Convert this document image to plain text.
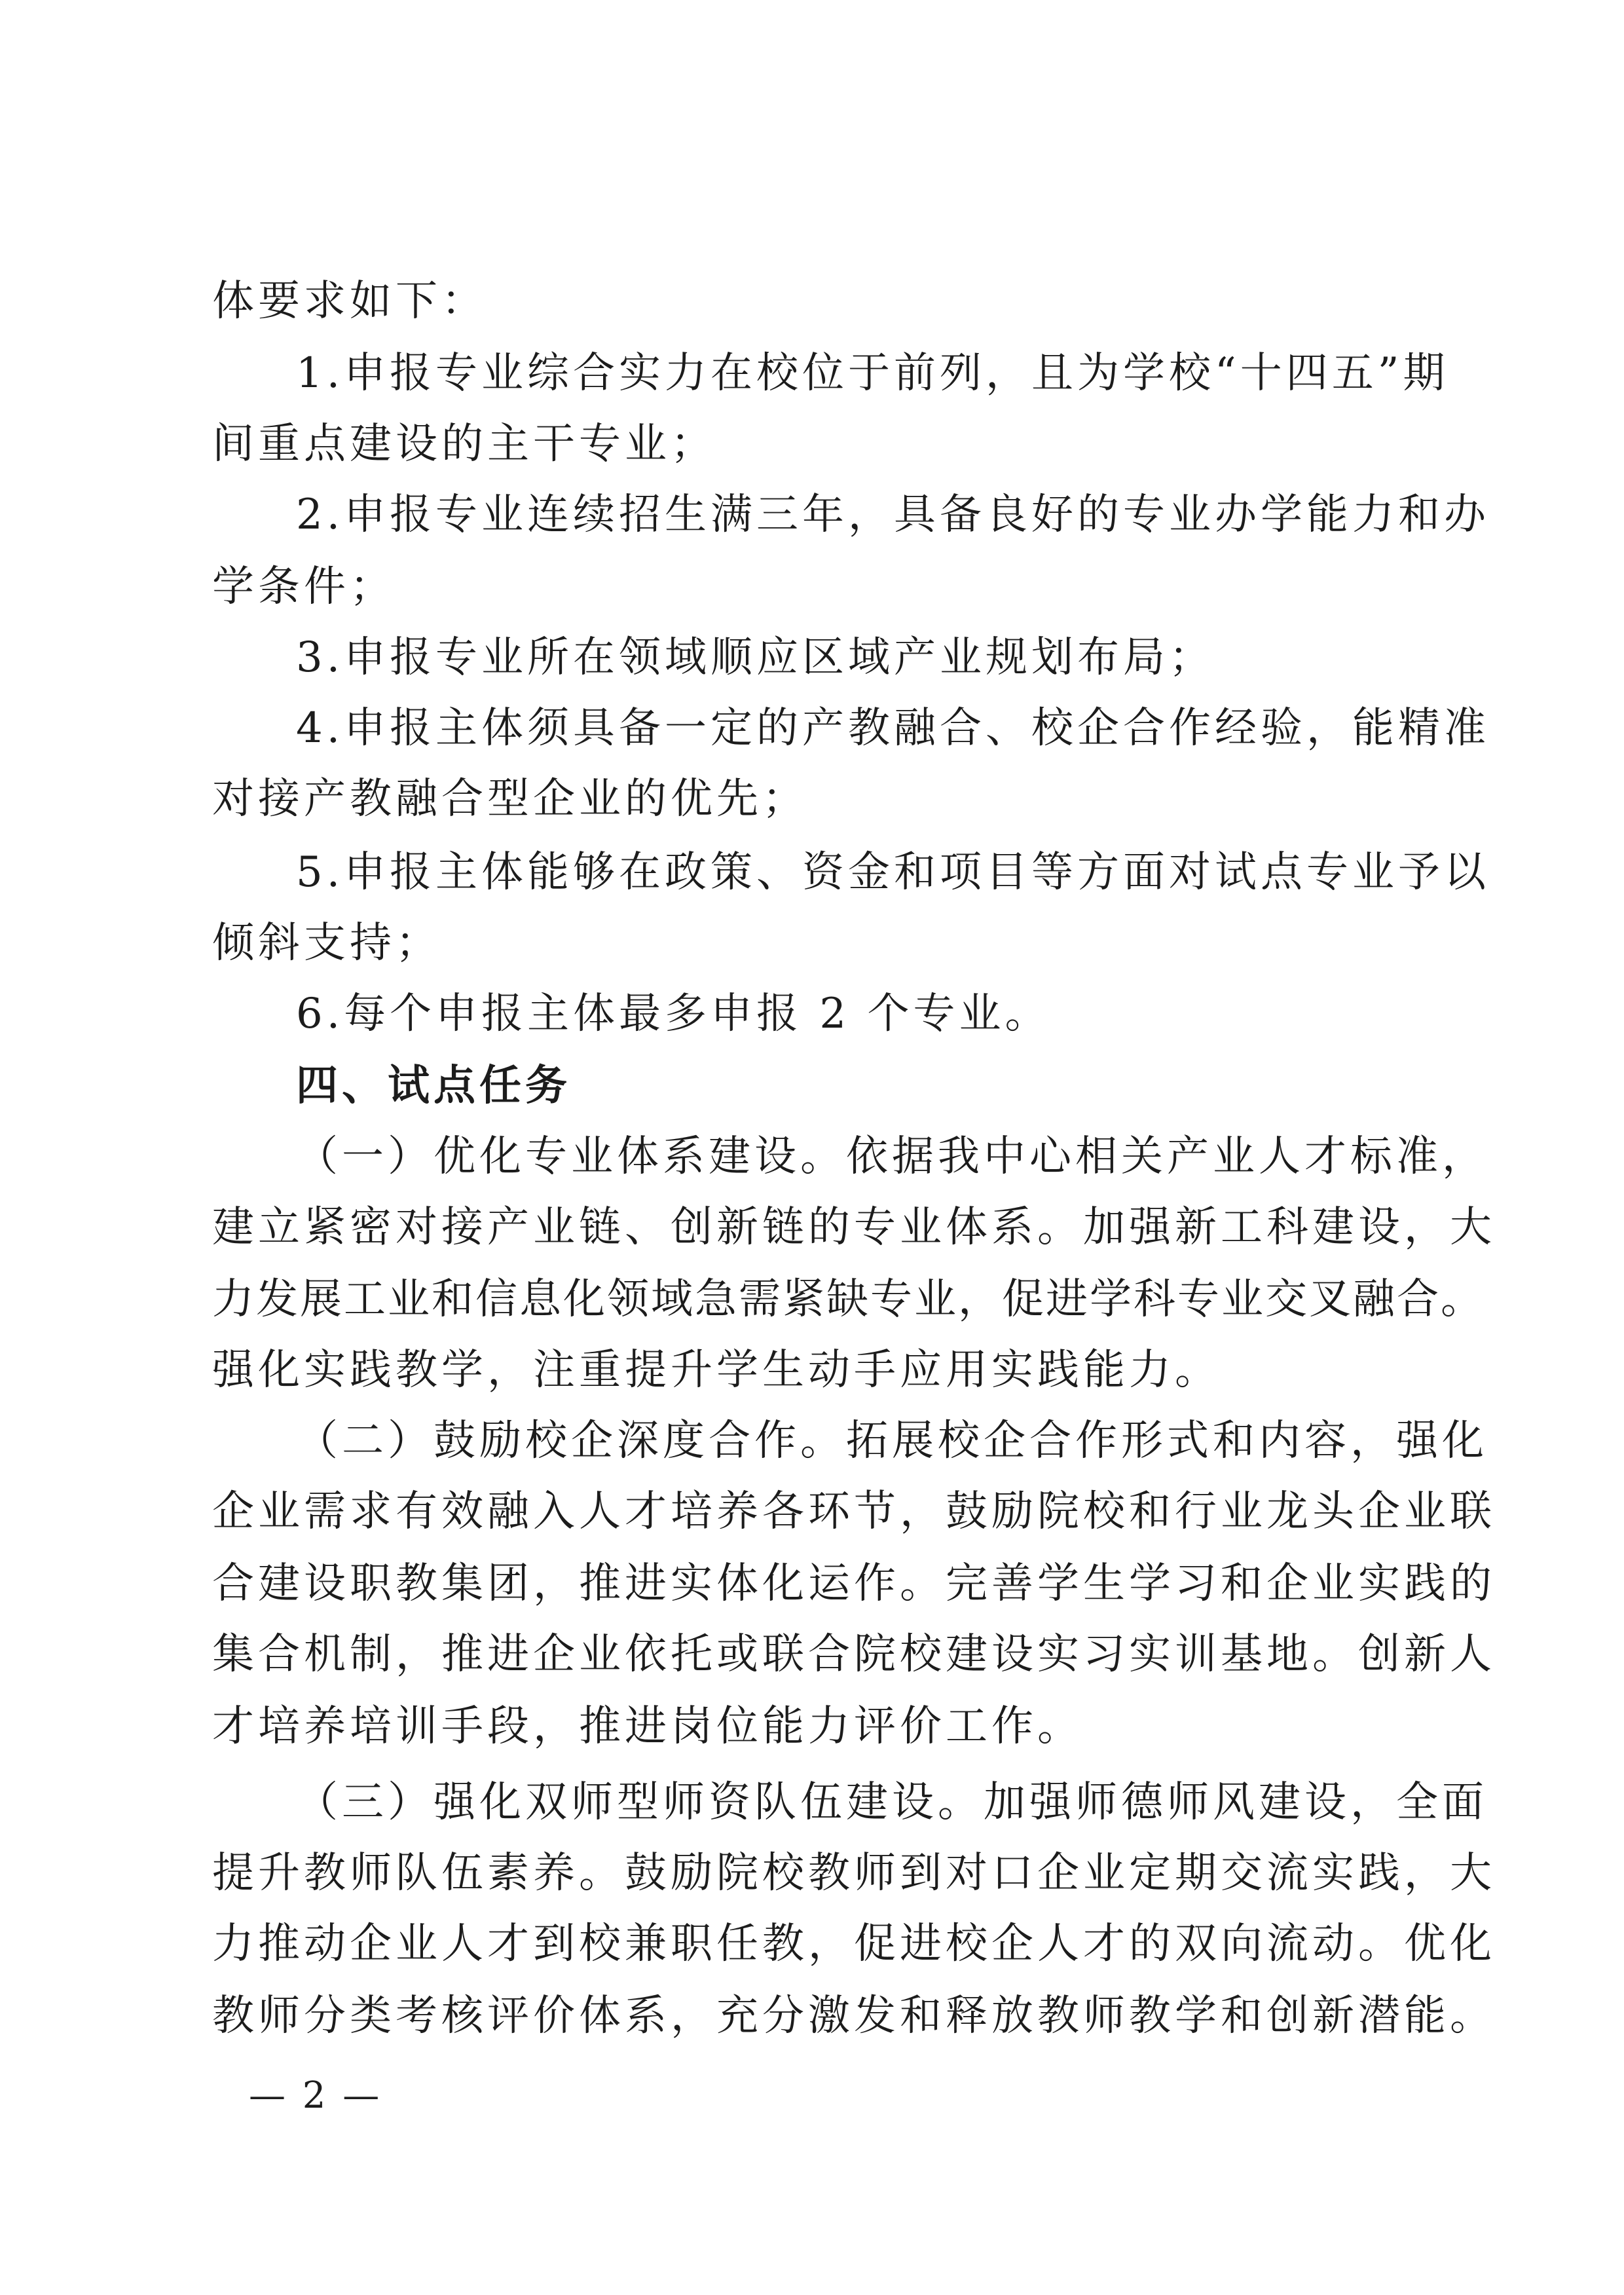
体要求如下：
1.申报专业综合实力在校位于前列，且为学校“十四五”期
间重点建设的主干专业；
2.申报专业连续招生满三年，具备良好的专业办学能力和办
学条件；
3.申报专业所在领域顺应区域产业规划布局；
4.申报主体须具备一定的产教融合、校企合作经验，能精准
对接产教融合型企业的优先；
5.申报主体能够在政策、资金和项目等方面对试点专业予以
倾斜支持；
6.每个申报主体最多申报 2 个专业。
四、试点任务
（一）优化专业体系建设。依据我中心相关产业人才标准，
建立紧密对接产业链、创新链的专业体系。加强新工科建设，大
力发展工业和信息化领域急需紧缺专业，促进学科专业交叉融合。
强化实践教学，注重提升学生动手应用实践能力。
（二）鼓励校企深度合作。拓展校企合作形式和内容，强化
企业需求有效融入人才培养各环节，鼓励院校和行业龙头企业联
合建设职教集团，推进实体化运作。完善学生学习和企业实践的
集合机制，推进企业依托或联合院校建设实习实训基地。创新人
才培养培训手段，推进岗位能力评价工作。
（三）强化双师型师资队伍建设。加强师德师风建设，全面
提升教师队伍素养。鼓励院校教师到对口企业定期交流实践，大
力推动企业人才到校兼职任教，促进校企人才的双向流动。优化
教师分类考核评价体系，充分激发和释放教师教学和创新潜能。
— 2 —
